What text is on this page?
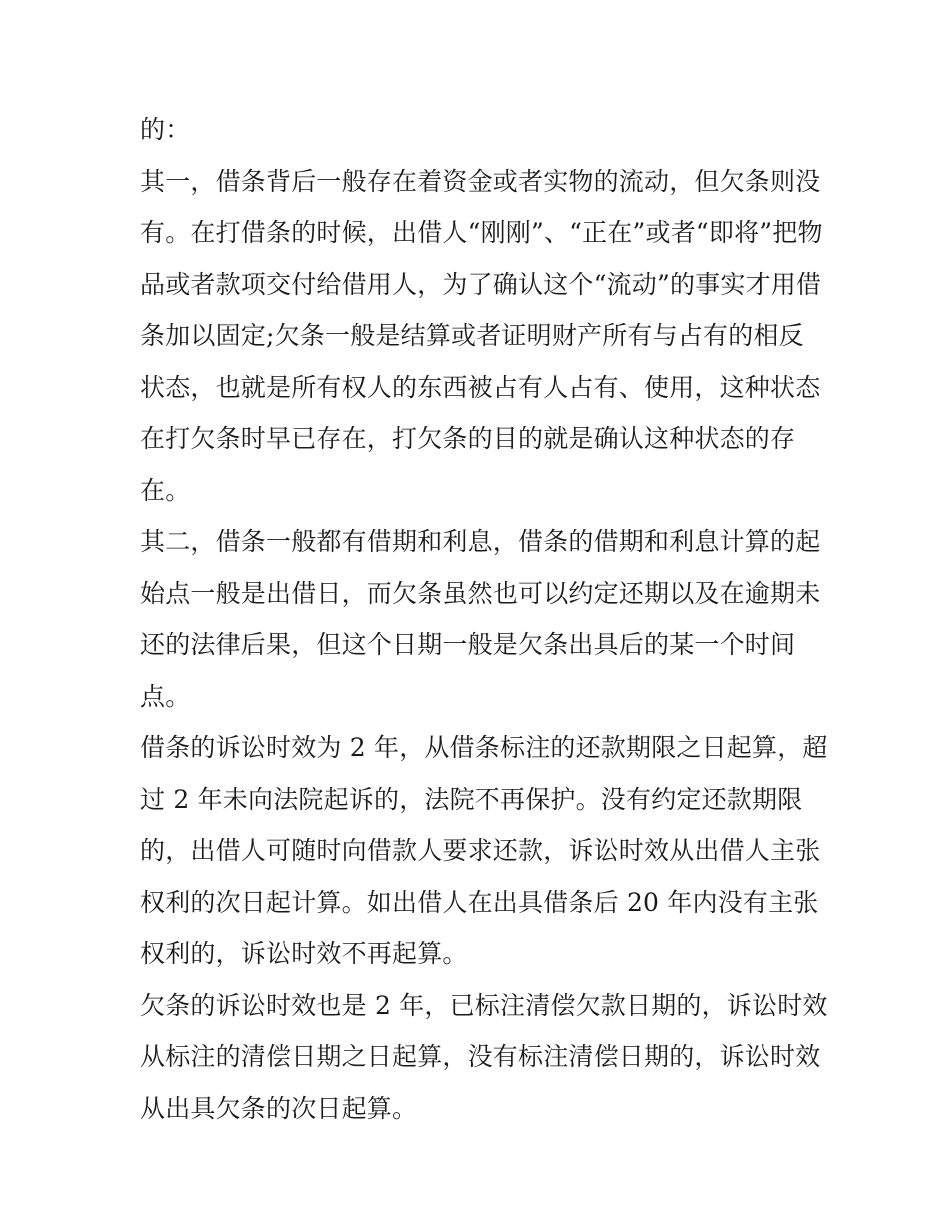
的：
其一，借条背后一般存在着资金或者实物的流动，但欠条则没
有。在打借条的时候，出借人“刚刚”、“正在”或者“即将”把物
品或者款项交付给借用人，为了确认这个“流动”的事实才用借
条加以固定;欠条一般是结算或者证明财产所有与占有的相反
状态，也就是所有权人的东西被占有人占有、使用，这种状态
在打欠条时早已存在，打欠条的目的就是确认这种状态的存
在。
其二，借条一般都有借期和利息，借条的借期和利息计算的起
始点一般是出借日，而欠条虽然也可以约定还期以及在逾期未
还的法律后果，但这个日期一般是欠条出具后的某一个时间
点。
借条的诉讼时效为 2 年，从借条标注的还款期限之日起算，超
过 2 年未向法院起诉的，法院不再保护。没有约定还款期限
的，出借人可随时向借款人要求还款，诉讼时效从出借人主张
权利的次日起计算。如出借人在出具借条后 20 年内没有主张
权利的，诉讼时效不再起算。
欠条的诉讼时效也是 2 年，已标注清偿欠款日期的，诉讼时效
从标注的清偿日期之日起算，没有标注清偿日期的，诉讼时效
从出具欠条的次日起算。
